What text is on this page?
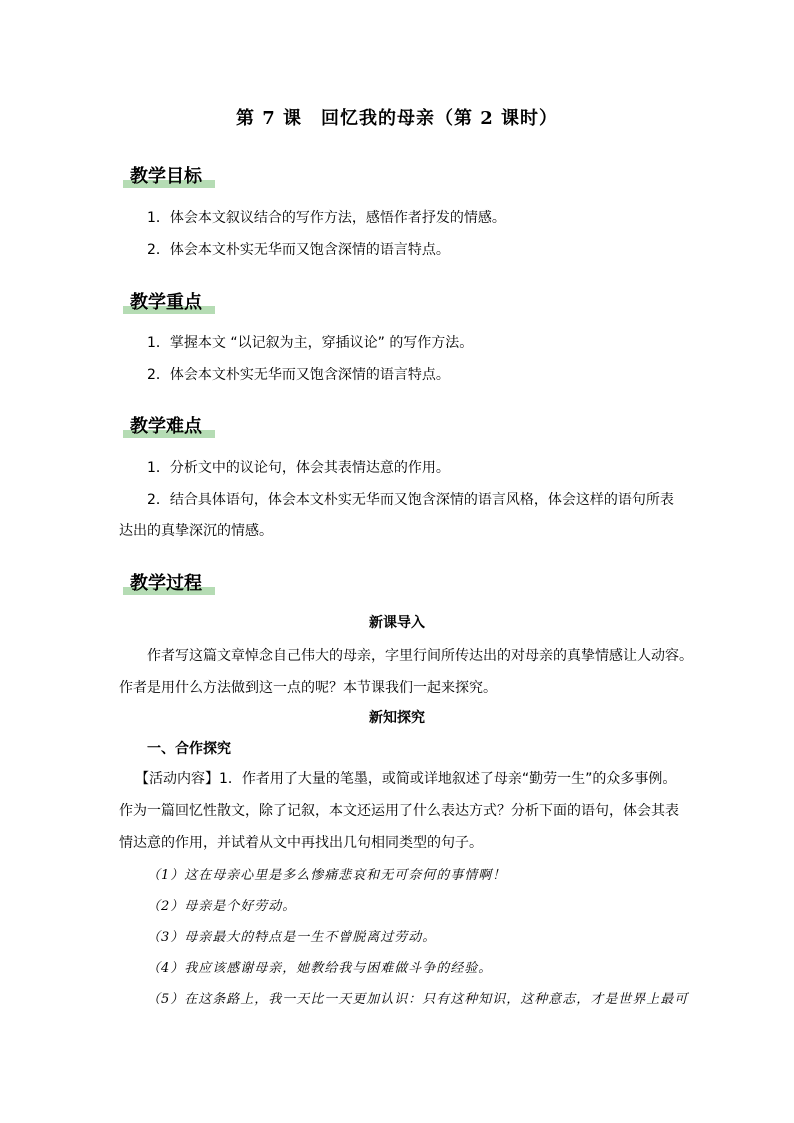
第 7 课　回忆我的母亲（第 2 课时）
教学目标
1．体会本文叙议结合的写作方法，感悟作者抒发的情感。
2．体会本文朴实无华而又饱含深情的语言特点。
教学重点
1．掌握本文 “以记叙为主，穿插议论” 的写作方法。
2．体会本文朴实无华而又饱含深情的语言特点。
教学难点
1．分析文中的议论句，体会其表情达意的作用。
2．结合具体语句，体会本文朴实无华而又饱含深情的语言风格，体会这样的语句所表
达出的真挚深沉的情感。
教学过程
新课导入
作者写这篇文章悼念自己伟大的母亲，字里行间所传达出的对母亲的真挚情感让人动容。
作者是用什么方法做到这一点的呢？本节课我们一起来探究。
新知探究
一、合作探究
【活动内容】1．作者用了大量的笔墨，或简或详地叙述了母亲“勤劳一生”的众多事例。
作为一篇回忆性散文，除了记叙，本文还运用了什么表达方式？分析下面的语句，体会其表
情达意的作用，并试着从文中再找出几句相同类型的句子。
（1）这在母亲心里是多么惨痛悲哀和无可奈何的事情啊！
（2）母亲是个好劳动。
（3）母亲最大的特点是一生不曾脱离过劳动。
（4）我应该感谢母亲，她教给我与困难做斗争的经验。
（5）在这条路上，我一天比一天更加认识：只有这种知识，这种意志，才是世界上最可
